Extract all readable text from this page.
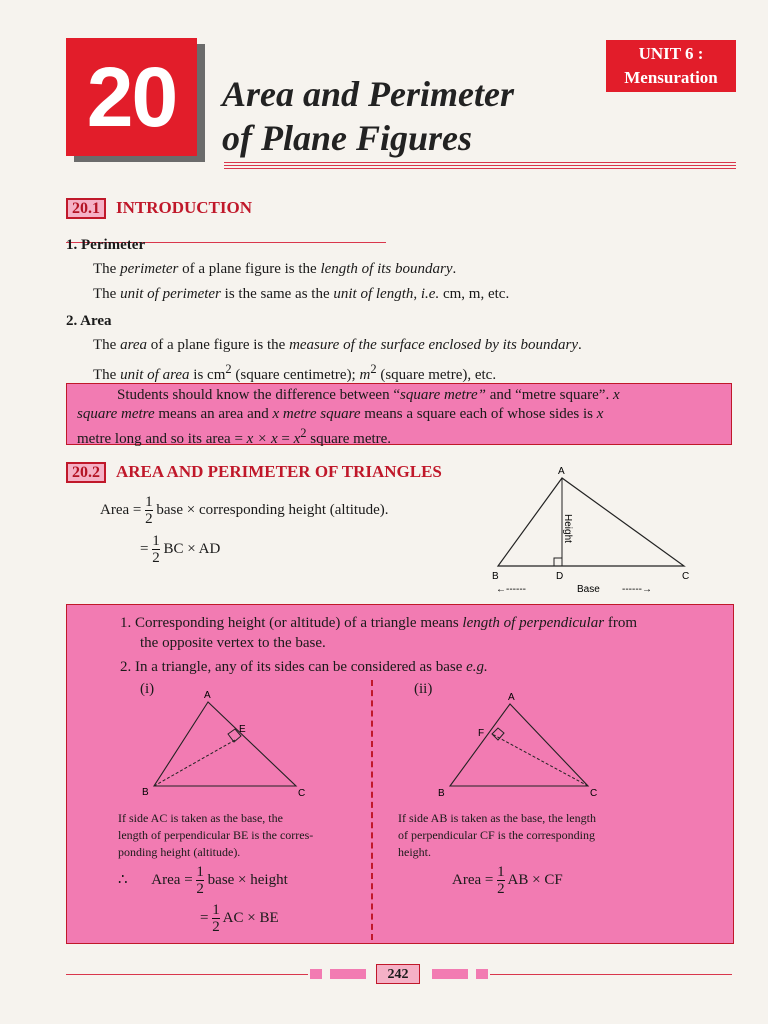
20	Area and Perimeter
of Plane Figures
UNIT 6 :
Mensuration
20.1 INTRODUCTION
1. Perimeter
The perimeter of a plane figure is the length of its boundary.
The unit of perimeter is the same as the unit of length, i.e. cm, m, etc.
2. Area
The area of a plane figure is the measure of the surface enclosed by its boundary.
The unit of area is $cm^2$ (square centimetre); $m^2$ (square metre), etc.
Students should know the difference between “square metre” and “metre square”. x
square metre means an area and x metre square means a square each of whose sides is x
metre long and so its area = $x \times x = x^2$ square metre.
20.2 AREA AND PERIMETER OF TRIANGLES
Area = $\frac{1}{2}$ base × corresponding height (altitude).
= $\frac{1}{2}$ BC × AD
A
B	D	C
Height
←------	Base ------→
1. Corresponding height (or altitude) of a triangle means length of perpendicular from
the opposite vertex to the base.
2. In a triangle, any of its sides can be considered as base e.g.
(i)	A
E
B	C
If side AC is taken as the base, the
length of perpendicular BE is the corres-
ponding height (altitude).
∴ Area = $\frac{1}{2}$ base × height
= $\frac{1}{2}$ AC × BE
(ii)
A
F
B	C
If side AB is taken as the base, the length
of perpendicular CF is the corresponding
height.
Area = $\frac{1}{2}$ AB × CF
242
